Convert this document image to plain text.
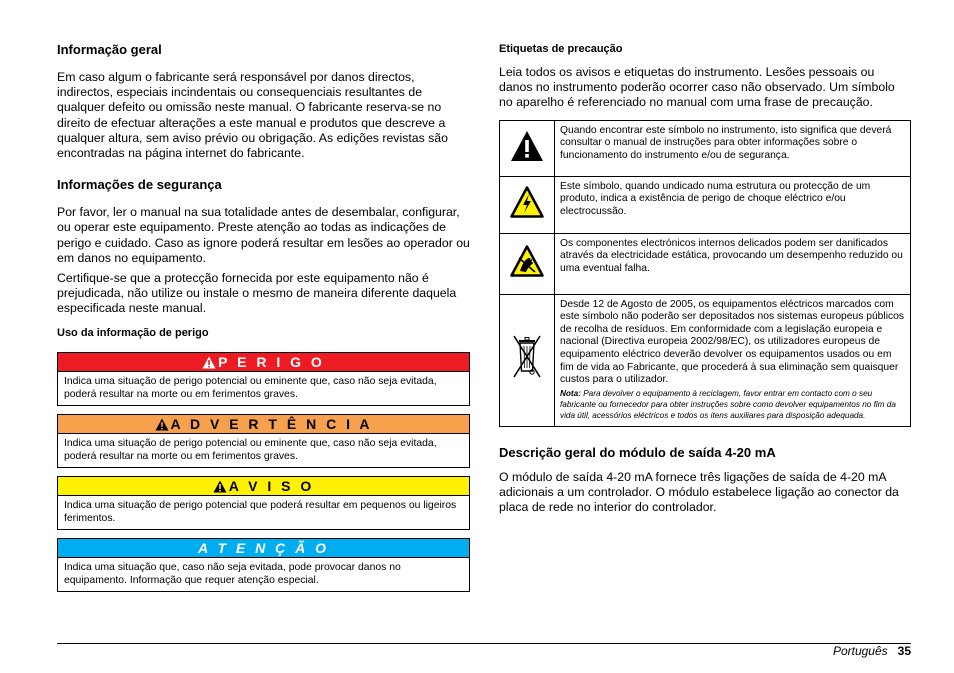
Informação geral

Em caso algum o fabricante será responsável por danos directos, indirectos, especiais incindentais ou consequenciais resultantes de qualquer defeito ou omissão neste manual. O fabricante reserva-se no direito de efectuar alterações a este manual e produtos que descreve a qualquer altura, sem aviso prévio ou obrigação. As edições revistas são encontradas na página internet do fabricante.

Informações de segurança

Por favor, ler o manual na sua totalidade antes de desembalar, configurar, ou operar este equipamento. Preste atenção ao todas as indicações de perigo e cuidado. Caso as ignore poderá resultar em lesões ao operador ou em danos no equipamento.

Certifique-se que a protecção fornecida por este equipamento não é prejudicada, não utilize ou instale o mesmo de maneira diferente daquela especificada neste manual.

Uso da informação de perigo
P E R I G O
Indica uma situação de perigo potencial ou eminente que, caso não seja evitada, poderá resultar na morte ou em ferimentos graves.
A D V E R T Ê N C I A
Indica uma situação de perigo potencial ou eminente que, caso não seja evitada, poderá resultar na morte ou em ferimentos graves.
A V I S O
Indica uma situação de perigo potencial que poderá resultar em pequenos ou ligeiros ferimentos.
A T E N Ç Ã O
Indica uma situação que, caso não seja evitada, pode provocar danos no equipamento. Informação que requer atenção especial.
Etiquetas de precaução

Leia todos os avisos e etiquetas do instrumento. Lesões pessoais ou danos no instrumento poderão ocorrer caso não observado. Um símbolo no aparelho é referenciado no manual com uma frase de precaução.

	Quando encontrar este símbolo no instrumento, isto significa que deverá consultar o manual de instruções para obter informações sobre o funcionamento do instrumento e/ou de segurança.
	Este símbolo, quando undicado numa estrutura ou protecção de um produto, indica a existência de perigo de choque eléctrico e/ou electrocussão.
	Os componentes electrónicos internos delicados podem ser danificados através da electricidade estática, provocando um desempenho reduzido ou uma eventual falha.

Desde 12 de Agosto de 2005, os equipamentos eléctricos marcados com este símbolo não poderão ser depositados nos sistemas europeus públicos de recolha de resíduos. Em conformidade com a legislação europeia e nacional (Directiva europeia 2002/98/EC), os utilizadores europeus de equipamento eléctrico deverão devolver os equipamentos usados ou em fim de vida ao Fabricante, que procederá à sua eliminação sem quaisquer custos para o utilizador.
Nota: Para devolver o equipamento à reciclagem, favor entrar em contacto com o seu fabricante ou fornecedor para obter instruções sobre como devolver equipamentos no fim da vida útil, acessórios eléctricos e todos os itens auxiliares para disposição adequada.
Descrição geral do módulo de saída 4-20 mA

O módulo de saída 4-20 mA fornece três ligações de saída de 4-20 mA adicionais a um controlador. O módulo estabelece ligação ao conector da placa de rede no interior do controlador.

Português 35
